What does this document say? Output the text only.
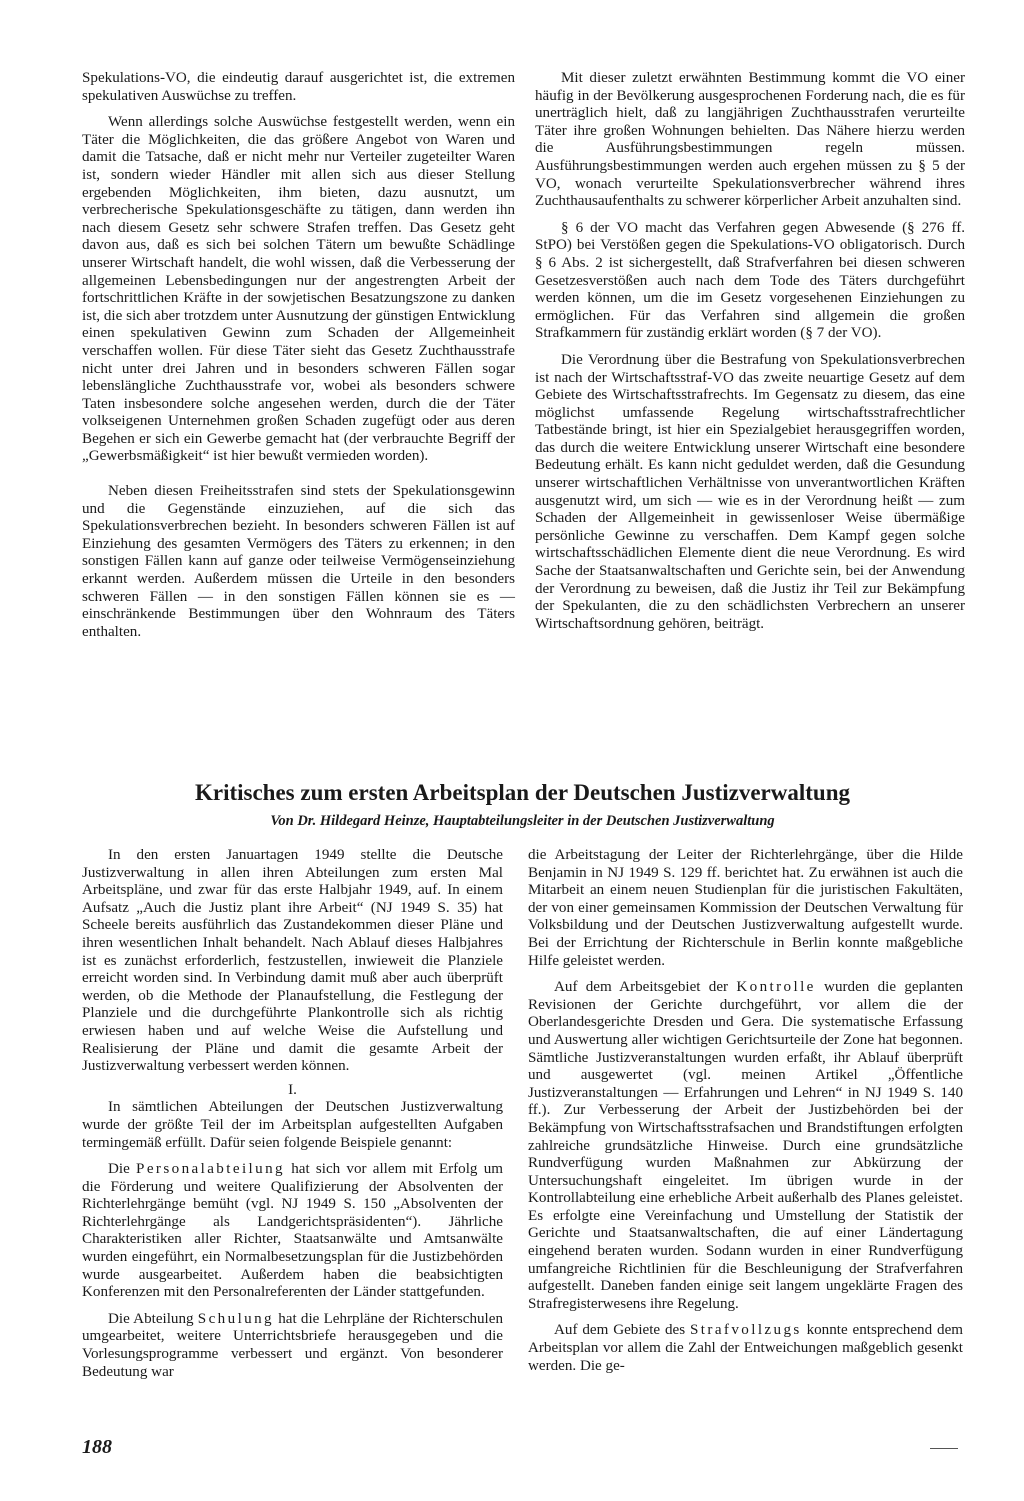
Spekulations-VO, die eindeutig darauf ausgerichtet ist, die extremen spekulativen Auswüchse zu treffen.

Wenn allerdings solche Auswüchse festgestellt werden, wenn ein Täter die Möglichkeiten, die das größere Angebot von Waren und damit die Tatsache, daß er nicht mehr nur Verteiler zugeteilter Waren ist, sondern wieder Händler mit allen sich aus dieser Stellung ergebenden Möglichkeiten, ihm bieten, dazu ausnutzt, um verbrecherische Spekulationsgeschäfte zu tätigen, dann werden ihn nach diesem Gesetz sehr schwere Strafen treffen. Das Gesetz geht davon aus, daß es sich bei solchen Tätern um bewußte Schädlinge unserer Wirtschaft handelt, die wohl wissen, daß die Verbesserung der allgemeinen Lebensbedingungen nur der angestrengten Arbeit der fortschrittlichen Kräfte in der sowjetischen Besatzungszone zu danken ist, die sich aber trotzdem unter Ausnutzung der günstigen Entwicklung einen spekulativen Gewinn zum Schaden der Allgemeinheit verschaffen wollen. Für diese Täter sieht das Gesetz Zuchthausstrafe nicht unter drei Jahren und in besonders schweren Fällen sogar lebenslängliche Zuchthausstrafe vor, wobei als besonders schwere Taten insbesondere solche angesehen werden, durch die der Täter volkseigenen Unternehmen großen Schaden zugefügt oder aus deren Begehen er sich ein Gewerbe gemacht hat (der verbrauchte Begriff der „Gewerbsmäßigkeit“ ist hier bewußt vermieden worden).

Neben diesen Freiheitsstrafen sind stets der Spekulationsgewinn und die Gegenstände einzuziehen, auf die sich das Spekulationsverbrechen bezieht. In besonders schweren Fällen ist auf Einziehung des gesamten Vermögers des Täters zu erkennen; in den sonstigen Fällen kann auf ganze oder teilweise Vermögenseinziehung erkannt werden. Außerdem müssen die Urteile in den besonders schweren Fällen — in den sonstigen Fällen können sie es — einschränkende Bestimmungen über den Wohnraum des Täters enthalten.

Mit dieser zuletzt erwähnten Bestimmung kommt die VO einer häufig in der Bevölkerung ausgesprochenen Forderung nach, die es für unerträglich hielt, daß zu langjährigen Zuchthausstrafen verurteilte Täter ihre großen Wohnungen behielten. Das Nähere hierzu werden die Ausführungsbestimmungen regeln müssen. Ausführungsbestimmungen werden auch ergehen müssen zu § 5 der VO, wonach verurteilte Spekulationsverbrecher während ihres Zuchthausaufenthalts zu schwerer körperlicher Arbeit anzuhalten sind.

§ 6 der VO macht das Verfahren gegen Abwesende (§ 276 ff. StPO) bei Verstößen gegen die Spekulations-VO obligatorisch. Durch § 6 Abs. 2 ist sichergestellt, daß Strafverfahren bei diesen schweren Gesetzesverstößen auch nach dem Tode des Täters durchgeführt werden können, um die im Gesetz vorgesehenen Einziehungen zu ermöglichen. Für das Verfahren sind allgemein die großen Strafkammern für zuständig erklärt worden (§ 7 der VO).

Die Verordnung über die Bestrafung von Spekulationsverbrechen ist nach der Wirtschaftsstraf-VO das zweite neuartige Gesetz auf dem Gebiete des Wirtschaftsstrafrechts. Im Gegensatz zu diesem, das eine möglichst umfassende Regelung wirtschaftsstrafrechtlicher Tatbestände bringt, ist hier ein Spezialgebiet herausgegriffen worden, das durch die weitere Entwicklung unserer Wirtschaft eine besondere Bedeutung erhält. Es kann nicht geduldet werden, daß die Gesundung unserer wirtschaftlichen Verhältnisse von unverantwortlichen Kräften ausgenutzt wird, um sich — wie es in der Verordnung heißt — zum Schaden der Allgemeinheit in gewissenloser Weise übermäßige persönliche Gewinne zu verschaffen. Dem Kampf gegen solche wirtschaftsschädlichen Elemente dient die neue Verordnung. Es wird Sache der Staatsanwaltschaften und Gerichte sein, bei der Anwendung der Verordnung zu beweisen, daß die Justiz ihr Teil zur Bekämpfung der Spekulanten, die zu den schädlichsten Verbrechern an unserer Wirtschaftsordnung gehören, beiträgt.

Kritisches zum ersten Arbeitsplan der Deutschen Justizverwaltung
Von Dr. Hildegard Heinze, Hauptabteilungsleiter in der Deutschen Justizverwaltung

In den ersten Januartagen 1949 stellte die Deutsche Justizverwaltung in allen ihren Abteilungen zum ersten Mal Arbeitspläne, und zwar für das erste Halbjahr 1949, auf. In einem Aufsatz „Auch die Justiz plant ihre Arbeit“ (NJ 1949 S. 35) hat Scheele bereits ausführlich das Zustandekommen dieser Pläne und ihren wesentlichen Inhalt behandelt. Nach Ablauf dieses Halbjahres ist es zunächst erforderlich, festzustellen, inwieweit die Planziele erreicht worden sind. In Verbindung damit muß aber auch überprüft werden, ob die Methode der Planaufstellung, die Festlegung der Planziele und die durchgeführte Plankontrolle sich als richtig erwiesen haben und auf welche Weise die Aufstellung und Realisierung der Pläne und damit die gesamte Arbeit der Justizverwaltung verbessert werden können.

I.

In sämtlichen Abteilungen der Deutschen Justizverwaltung wurde der größte Teil der im Arbeitsplan aufgestellten Aufgaben termingemäß erfüllt. Dafür seien folgende Beispiele genannt:

Die Personalabteilung hat sich vor allem mit Erfolg um die Förderung und weitere Qualifizierung der Absolventen der Richterlehrgänge bemüht (vgl. NJ 1949 S. 150 „Absolventen der Richterlehrgänge als Landgerichtspräsidenten“). Jährliche Charakteristiken aller Richter, Staatsanwälte und Amtsanwälte wurden eingeführt, ein Normalbesetzungsplan für die Justizbehörden wurde ausgearbeitet. Außerdem haben die beabsichtigten Konferenzen mit den Personalreferenten der Länder stattgefunden.

Die Abteilung Schulung hat die Lehrpläne der Richterschulen umgearbeitet, weitere Unterrichtsbriefe herausgegeben und die Vorlesungsprogramme verbessert und ergänzt. Von besonderer Bedeutung war

die Arbeitstagung der Leiter der Richterlehrgänge, über die Hilde Benjamin in NJ 1949 S. 129 ff. berichtet hat. Zu erwähnen ist auch die Mitarbeit an einem neuen Studienplan für die juristischen Fakultäten, der von einer gemeinsamen Kommission der Deutschen Verwaltung für Volksbildung und der Deutschen Justizverwaltung aufgestellt wurde. Bei der Errichtung der Richterschule in Berlin konnte maßgebliche Hilfe geleistet werden.

Auf dem Arbeitsgebiet der Kontrolle wurden die geplanten Revisionen der Gerichte durchgeführt, vor allem die der Oberlandesgerichte Dresden und Gera. Die systematische Erfassung und Auswertung aller wichtigen Gerichtsurteile der Zone hat begonnen. Sämtliche Justizveranstaltungen wurden erfaßt, ihr Ablauf überprüft und ausgewertet (vgl. meinen Artikel „Öffentliche Justizveranstaltungen — Erfahrungen und Lehren“ in NJ 1949 S. 140 ff.). Zur Verbesserung der Arbeit der Justizbehörden bei der Bekämpfung von Wirtschaftsstrafsachen und Brandstiftungen erfolgten zahlreiche grundsätzliche Hinweise. Durch eine grundsätzliche Rundverfügung wurden Maßnahmen zur Abkürzung der Untersuchungshaft eingeleitet. Im übrigen wurde in der Kontrollabteilung eine erhebliche Arbeit außerhalb des Planes geleistet. Es erfolgte eine Vereinfachung und Umstellung der Statistik der Gerichte und Staatsanwaltschaften, die auf einer Ländertagung eingehend beraten wurden. Sodann wurden in einer Rundverfügung umfangreiche Richtlinien für die Beschleunigung der Strafverfahren aufgestellt. Daneben fanden einige seit langem ungeklärte Fragen des Strafregisterwesens ihre Regelung.

Auf dem Gebiete des Strafvollzugs konnte entsprechend dem Arbeitsplan vor allem die Zahl der Entweichungen maßgeblich gesenkt werden. Die ge-

188
